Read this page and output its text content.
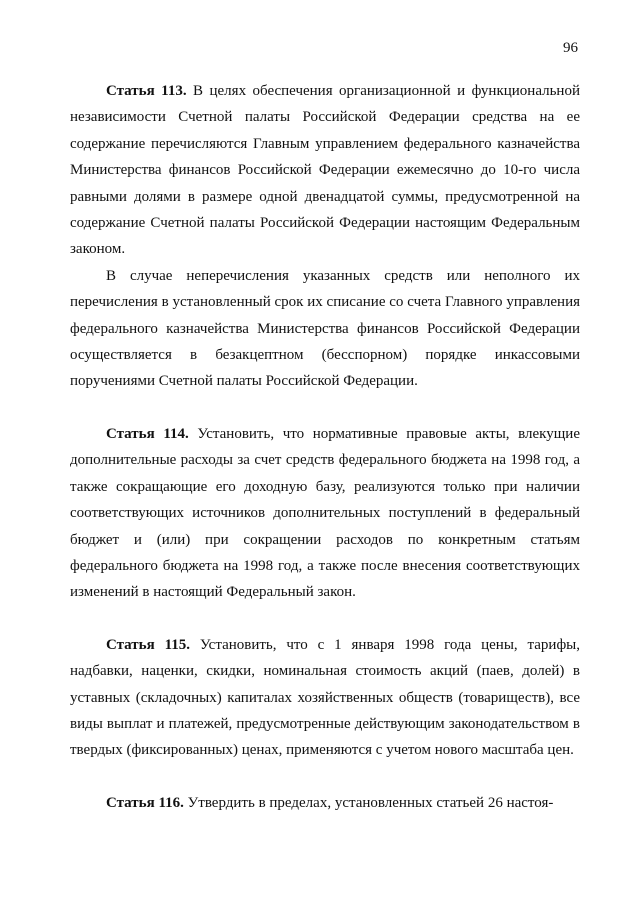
96

Статья 113. В целях обеспечения организационной и функциональной независимости Счетной палаты Российской Федерации средства на ее содержание перечисляются Главным управлением федерального казначейства Министерства финансов Российской Федерации ежемесячно до 10-го числа равными долями в размере одной двенадцатой суммы, предусмотренной на содержание Счетной палаты Российской Федерации настоящим Федеральным законом.

В случае неперечисления указанных средств или неполного их перечисления в установленный срок их списание со счета Главного управления федерального казначейства Министерства финансов Российской Федерации осуществляется в безакцептном (бесспорном) порядке инкассовыми поручениями Счетной палаты Российской Федерации.

Статья 114. Установить, что нормативные правовые акты, влекущие дополнительные расходы за счет средств федерального бюджета на 1998 год, а также сокращающие его доходную базу, реализуются только при наличии соответствующих источников дополнительных поступлений в федеральный бюджет и (или) при сокращении расходов по конкретным статьям федерального бюджета на 1998 год, а также после внесения соответствующих изменений в настоящий Федеральный закон.

Статья 115. Установить, что с 1 января 1998 года цены, тарифы, надбавки, наценки, скидки, номинальная стоимость акций (паев, долей) в уставных (складочных) капиталах хозяйственных обществ (товариществ), все виды выплат и платежей, предусмотренные действующим законодательством в твердых (фиксированных) ценах, применяются с учетом нового масштаба цен.

Статья 116. Утвердить в пределах, установленных статьей 26 настоя-
